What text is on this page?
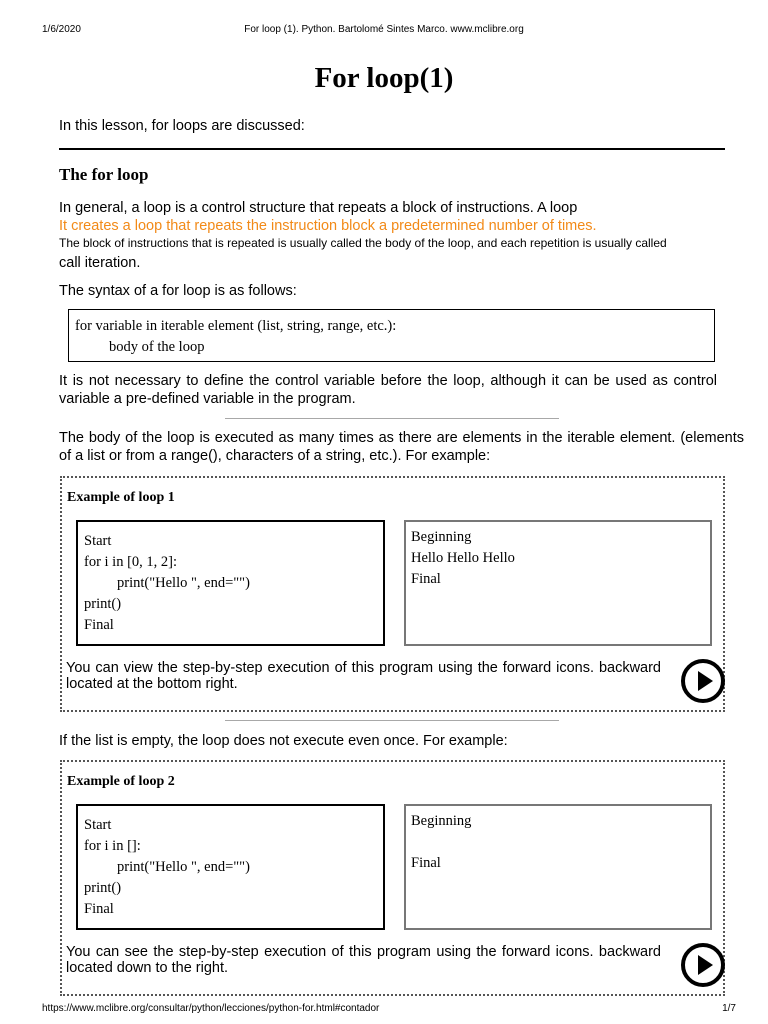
1/6/2020	For loop (1). Python. Bartolomé Sintes Marco. www.mclibre.org
For loop(1)
In this lesson, for loops are discussed:
The for loop
In general, a loop is a control structure that repeats a block of instructions. A loop
It creates a loop that repeats the instruction block a predetermined number of times.
The block of instructions that is repeated is usually called the body of the loop, and each repetition is usually called
call iteration.
The syntax of a for loop is as follows:
for variable in iterable element (list, string, range, etc.):
body of the loop
It is not necessary to define the control variable before the loop, although it can be used as control variable a pre-defined variable in the program.
The body of the loop is executed as many times as there are elements in the iterable element. (elements of a list or from a range(), characters of a string, etc.). For example:
Example of loop 1
Start
for i in [0, 1, 2]:
print("Hello ", end="")
print()
Final
Beginning
Hello Hello Hello
Final
You can view the step-by-step execution of this program using the forward icons. backward located at the bottom right.
If the list is empty, the loop does not execute even once. For example:
Example of loop 2
Start
for i in []:
print("Hello ", end="")
print()
Final
Beginning
Final
You can see the step-by-step execution of this program using the forward icons. backward located down to the right.
https://www.mclibre.org/consultar/python/lecciones/python-for.html#contador	1/7
